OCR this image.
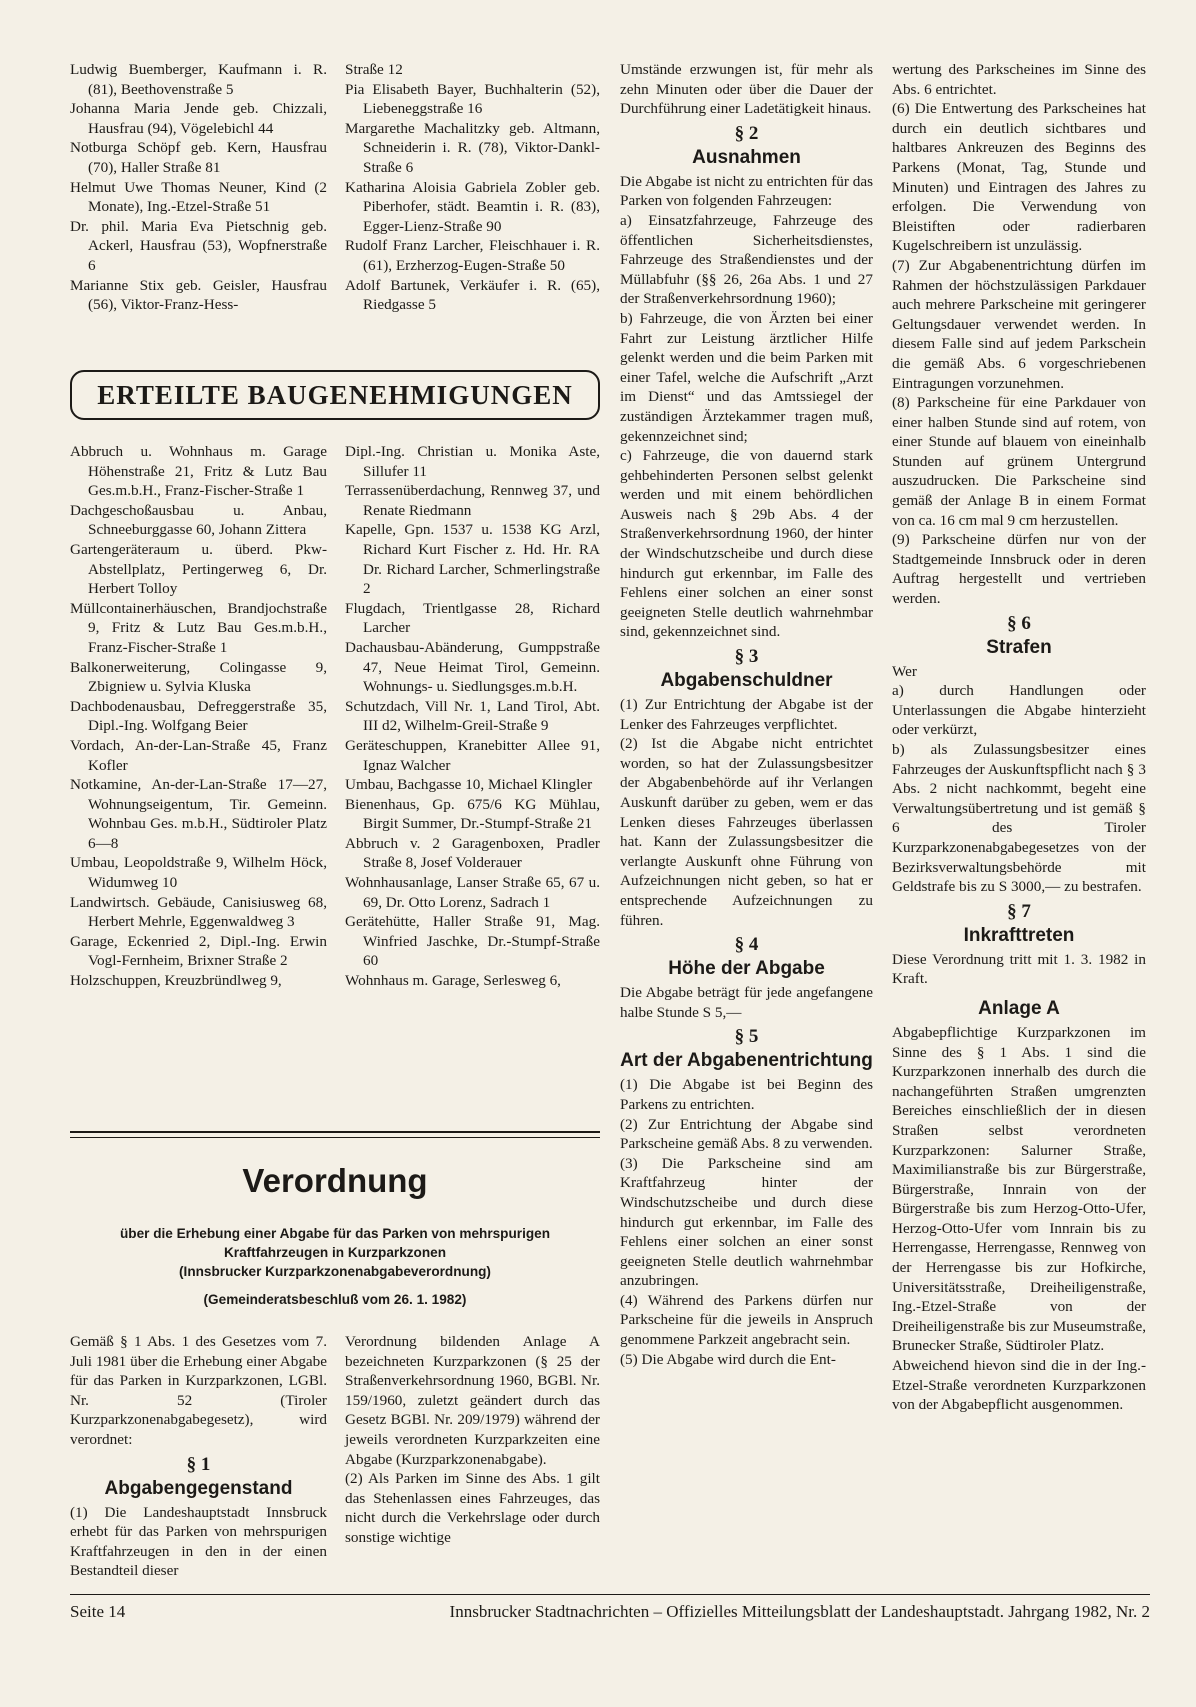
Ludwig Buemberger, Kaufmann i. R. (81), Beethovenstraße 5

Johanna Maria Jende geb. Chizzali, Hausfrau (94), Vögelebichl 44

Notburga Schöpf geb. Kern, Hausfrau (70), Haller Straße 81

Helmut Uwe Thomas Neuner, Kind (2 Monate), Ing.-Etzel-Straße 51

Dr. phil. Maria Eva Pietschnig geb. Ackerl, Hausfrau (53), Wopfnerstraße 6

Marianne Stix geb. Geisler, Hausfrau (56), Viktor-Franz-Hess-

Straße 12

Pia Elisabeth Bayer, Buchhalterin (52), Liebeneggstraße 16

Margarethe Machalitzky geb. Altmann, Schneiderin i. R. (78), Viktor-Dankl-Straße 6

Katharina Aloisia Gabriela Zobler geb. Piberhofer, städt. Beamtin i. R. (83), Egger-Lienz-Straße 90

Rudolf Franz Larcher, Fleischhauer i. R. (61), Erzherzog-Eugen-Straße 50

Adolf Bartunek, Verkäufer i. R. (65), Riedgasse 5

ERTEILTE BAUGENEHMIGUNGEN

Abbruch u. Wohnhaus m. Garage Höhenstraße 21, Fritz & Lutz Bau Ges.m.b.H., Franz-Fischer-Straße 1

Dachgeschoßausbau u. Anbau, Schneeburggasse 60, Johann Zittera

Gartengeräteraum u. überd. Pkw-Abstellplatz, Pertingerweg 6, Dr. Herbert Tolloy

Müllcontainerhäuschen, Brandjochstraße 9, Fritz & Lutz Bau Ges.m.b.H., Franz-Fischer-Straße 1

Balkonerweiterung, Colingasse 9, Zbigniew u. Sylvia Kluska

Dachbodenausbau, Defreggerstraße 35, Dipl.-Ing. Wolfgang Beier

Vordach, An-der-Lan-Straße 45, Franz Kofler

Notkamine, An-der-Lan-Straße 17—27, Wohnungseigentum, Tir. Gemeinn. Wohnbau Ges. m.b.H., Südtiroler Platz 6—8

Umbau, Leopoldstraße 9, Wilhelm Höck, Widumweg 10

Landwirtsch. Gebäude, Canisiusweg 68, Herbert Mehrle, Eggenwaldweg 3

Garage, Eckenried 2, Dipl.-Ing. Erwin Vogl-Fernheim, Brixner Straße 2

Holzschuppen, Kreuzbründlweg 9,

Dipl.-Ing. Christian u. Monika Aste, Sillufer 11

Terrassenüberdachung, Rennweg 37, und Renate Riedmann

Kapelle, Gpn. 1537 u. 1538 KG Arzl, Richard Kurt Fischer z. Hd. Hr. RA Dr. Richard Larcher, Schmerlingstraße 2

Flugdach, Trientlgasse 28, Richard Larcher

Dachausbau-Abänderung, Gumppstraße 47, Neue Heimat Tirol, Gemeinn. Wohnungs- u. Siedlungsges.m.b.H.

Schutzdach, Vill Nr. 1, Land Tirol, Abt. III d2, Wilhelm-Greil-Straße 9

Geräteschuppen, Kranebitter Allee 91, Ignaz Walcher

Umbau, Bachgasse 10, Michael Klingler

Bienenhaus, Gp. 675/6 KG Mühlau, Birgit Summer, Dr.-Stumpf-Straße 21

Abbruch v. 2 Garagenboxen, Pradler Straße 8, Josef Volderauer

Wohnhausanlage, Lanser Straße 65, 67 u. 69, Dr. Otto Lorenz, Sadrach 1

Gerätehütte, Haller Straße 91, Mag. Winfried Jaschke, Dr.-Stumpf-Straße 60

Wohnhaus m. Garage, Serlesweg 6,

Verordnung
über die Erhebung einer Abgabe für das Parken von mehrspurigen
Kraftfahrzeugen in Kurzparkzonen
(Innsbrucker Kurzparkzonenabgabeverordnung)
(Gemeinderatsbeschluß vom 26. 1. 1982)

Gemäß § 1 Abs. 1 des Gesetzes vom 7. Juli 1981 über die Erhebung einer Abgabe für das Parken in Kurzparkzonen, LGBl. Nr. 52 (Tiroler Kurzparkzonenabgabegesetz), wird verordnet:

§ 1
Abgabengegenstand

(1) Die Landeshauptstadt Innsbruck erhebt für das Parken von mehrspurigen Kraftfahrzeugen in den in der einen Bestandteil dieser

Verordnung bildenden Anlage A bezeichneten Kurzparkzonen (§ 25 der Straßenverkehrsordnung 1960, BGBl. Nr. 159/1960, zuletzt geändert durch das Gesetz BGBl. Nr. 209/1979) während der jeweils verordneten Kurzparkzeiten eine Abgabe (Kurzparkzonenabgabe).

(2) Als Parken im Sinne des Abs. 1 gilt das Stehenlassen eines Fahrzeuges, das nicht durch die Verkehrslage oder durch sonstige wichtige

Umstände erzwungen ist, für mehr als zehn Minuten oder über die Dauer der Durchführung einer Ladetätigkeit hinaus.

§ 2
Ausnahmen

Die Abgabe ist nicht zu entrichten für das Parken von folgenden Fahrzeugen:

a) Einsatzfahrzeuge, Fahrzeuge des öffentlichen Sicherheitsdienstes, Fahrzeuge des Straßendienstes und der Müllabfuhr (§§ 26, 26a Abs. 1 und 27 der Straßenverkehrsordnung 1960);

b) Fahrzeuge, die von Ärzten bei einer Fahrt zur Leistung ärztlicher Hilfe gelenkt werden und die beim Parken mit einer Tafel, welche die Aufschrift „Arzt im Dienst“ und das Amtssiegel der zuständigen Ärztekammer tragen muß, gekennzeichnet sind;

c) Fahrzeuge, die von dauernd stark gehbehinderten Personen selbst gelenkt werden und mit einem behördlichen Ausweis nach § 29b Abs. 4 der Straßenverkehrsordnung 1960, der hinter der Windschutzscheibe und durch diese hindurch gut erkennbar, im Falle des Fehlens einer solchen an einer sonst geeigneten Stelle deutlich wahrnehmbar sind, gekennzeichnet sind.

§ 3
Abgabenschuldner

(1) Zur Entrichtung der Abgabe ist der Lenker des Fahrzeuges verpflichtet.

(2) Ist die Abgabe nicht entrichtet worden, so hat der Zulassungsbesitzer der Abgabenbehörde auf ihr Verlangen Auskunft darüber zu geben, wem er das Lenken dieses Fahrzeuges überlassen hat. Kann der Zulassungsbesitzer die verlangte Auskunft ohne Führung von Aufzeichnungen nicht geben, so hat er entsprechende Aufzeichnungen zu führen.

§ 4
Höhe der Abgabe

Die Abgabe beträgt für jede angefangene halbe Stunde S 5,—

§ 5
Art der Abgabenentrichtung

(1) Die Abgabe ist bei Beginn des Parkens zu entrichten.

(2) Zur Entrichtung der Abgabe sind Parkscheine gemäß Abs. 8 zu verwenden.

(3) Die Parkscheine sind am Kraftfahrzeug hinter der Windschutzscheibe und durch diese hindurch gut erkennbar, im Falle des Fehlens einer solchen an einer sonst geeigneten Stelle deutlich wahrnehmbar anzubringen.

(4) Während des Parkens dürfen nur Parkscheine für die jeweils in Anspruch genommene Parkzeit angebracht sein.

(5) Die Abgabe wird durch die Ent-

wertung des Parkscheines im Sinne des Abs. 6 entrichtet.

(6) Die Entwertung des Parkscheines hat durch ein deutlich sichtbares und haltbares Ankreuzen des Beginns des Parkens (Monat, Tag, Stunde und Minuten) und Eintragen des Jahres zu erfolgen. Die Verwendung von Bleistiften oder radierbaren Kugelschreibern ist unzulässig.

(7) Zur Abgabenentrichtung dürfen im Rahmen der höchstzulässigen Parkdauer auch mehrere Parkscheine mit geringerer Geltungsdauer verwendet werden. In diesem Falle sind auf jedem Parkschein die gemäß Abs. 6 vorgeschriebenen Eintragungen vorzunehmen.

(8) Parkscheine für eine Parkdauer von einer halben Stunde sind auf rotem, von einer Stunde auf blauem von eineinhalb Stunden auf grünem Untergrund auszudrucken. Die Parkscheine sind gemäß der Anlage B in einem Format von ca. 16 cm mal 9 cm herzustellen.

(9) Parkscheine dürfen nur von der Stadtgemeinde Innsbruck oder in deren Auftrag hergestellt und vertrieben werden.

§ 6
Strafen

Wer

a) durch Handlungen oder Unterlassungen die Abgabe hinterzieht oder verkürzt,

b) als Zulassungsbesitzer eines Fahrzeuges der Auskunftspflicht nach § 3 Abs. 2 nicht nachkommt, begeht eine Verwaltungsübertretung und ist gemäß § 6 des Tiroler Kurzparkzonenabgabegesetzes von der Bezirksverwaltungsbehörde mit Geldstrafe bis zu S 3000,— zu bestrafen.

§ 7
Inkrafttreten

Diese Verordnung tritt mit 1. 3. 1982 in Kraft.

Anlage A

Abgabepflichtige Kurzparkzonen im Sinne des § 1 Abs. 1 sind die Kurzparkzonen innerhalb des durch die nachangeführten Straßen umgrenzten Bereiches einschließlich der in diesen Straßen selbst verordneten Kurzparkzonen: Salurner Straße, Maximilianstraße bis zur Bürgerstraße, Bürgerstraße, Innrain von der Bürgerstraße bis zum Herzog-Otto-Ufer, Herzog-Otto-Ufer vom Innrain bis zu Herrengasse, Herrengasse, Rennweg von der Herrengasse bis zur Hofkirche, Universitätsstraße, Dreiheiligenstraße, Ing.-Etzel-Straße von der Dreiheiligenstraße bis zur Museumstraße, Brunecker Straße, Südtiroler Platz.

Abweichend hievon sind die in der Ing.-Etzel-Straße verordneten Kurzparkzonen von der Abgabepflicht ausgenommen.

Seite 14	Innsbrucker Stadtnachrichten – Offizielles Mitteilungsblatt der Landeshauptstadt. Jahrgang 1982, Nr. 2
